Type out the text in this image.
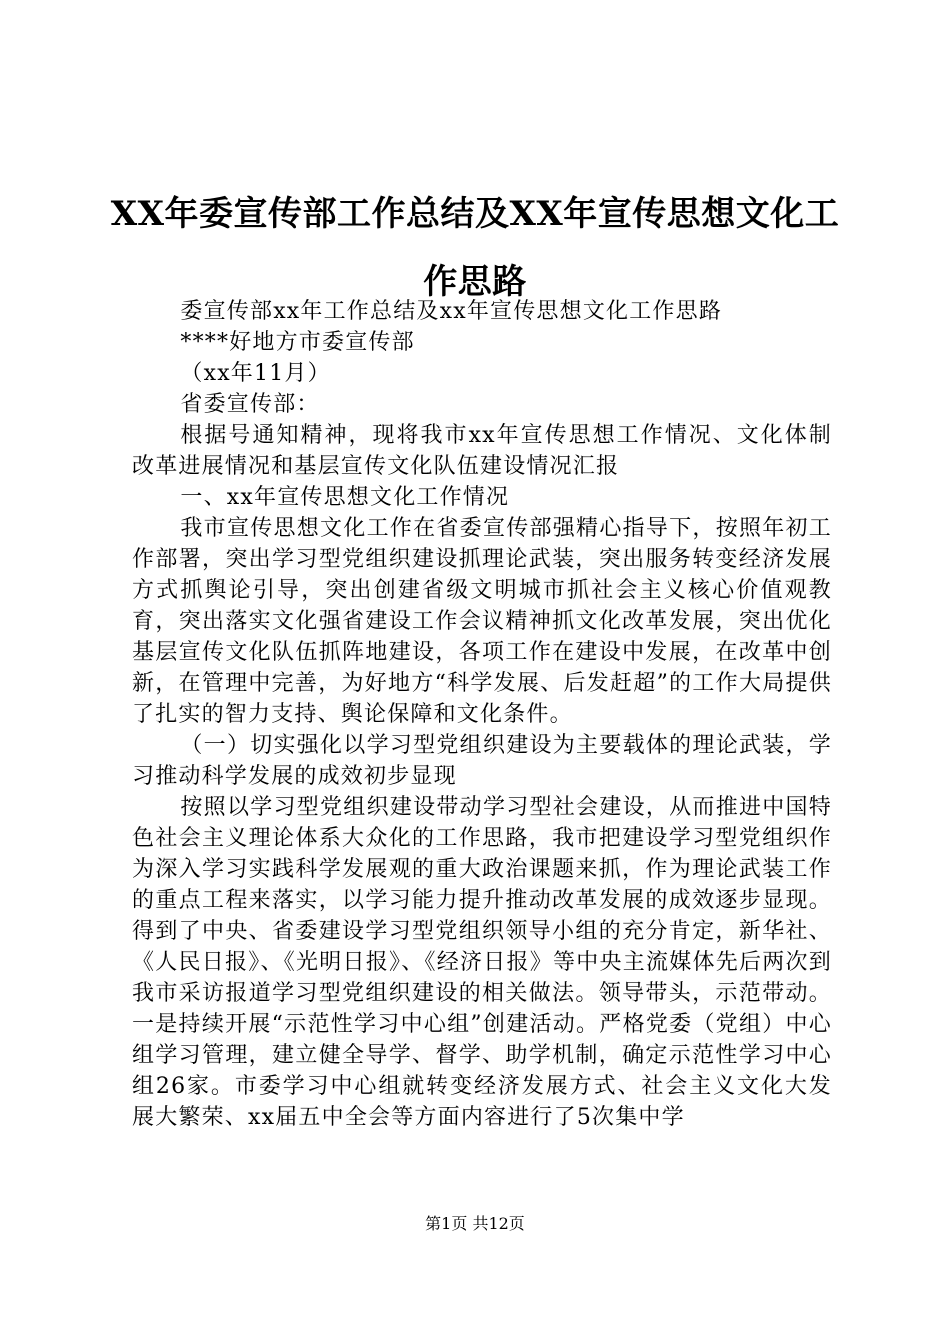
XX年委宣传部工作总结及XX年宣传思想文化工作思路

委宣传部xx年工作总结及xx年宣传思想文化工作思路

****好地方市委宣传部

（xx年11月）

省委宣传部：

根据号通知精神，现将我市xx年宣传思想工作情况、文化体制改革进展情况和基层宣传文化队伍建设情况汇报

一、xx年宣传思想文化工作情况

我市宣传思想文化工作在省委宣传部强精心指导下，按照年初工作部署，突出学习型党组织建设抓理论武装，突出服务转变经济发展方式抓舆论引导，突出创建省级文明城市抓社会主义核心价值观教育，突出落实文化强省建设工作会议精神抓文化改革发展，突出优化基层宣传文化队伍抓阵地建设，各项工作在建设中发展，在改革中创新，在管理中完善，为好地方“科学发展、后发赶超”的工作大局提供了扎实的智力支持、舆论保障和文化条件。

（一）切实强化以学习型党组织建设为主要载体的理论武装，学习推动科学发展的成效初步显现

按照以学习型党组织建设带动学习型社会建设，从而推进中国特色社会主义理论体系大众化的工作思路，我市把建设学习型党组织作为深入学习实践科学发展观的重大政治课题来抓，作为理论武装工作的重点工程来落实，以学习能力提升推动改革发展的成效逐步显现。得到了中央、省委建设学习型党组织领导小组的充分肯定，新华社、《人民日报》、《光明日报》、《经济日报》等中央主流媒体先后两次到我市采访报道学习型党组织建设的相关做法。领导带头，示范带动。一是持续开展“示范性学习中心组”创建活动。严格党委（党组）中心组学习管理，建立健全导学、督学、助学机制，确定示范性学习中心组26家。市委学习中心组就转变经济发展方式、社会主义文化大发展大繁荣、xx届五中全会等方面内容进行了5次集中学

第1页 共12页
